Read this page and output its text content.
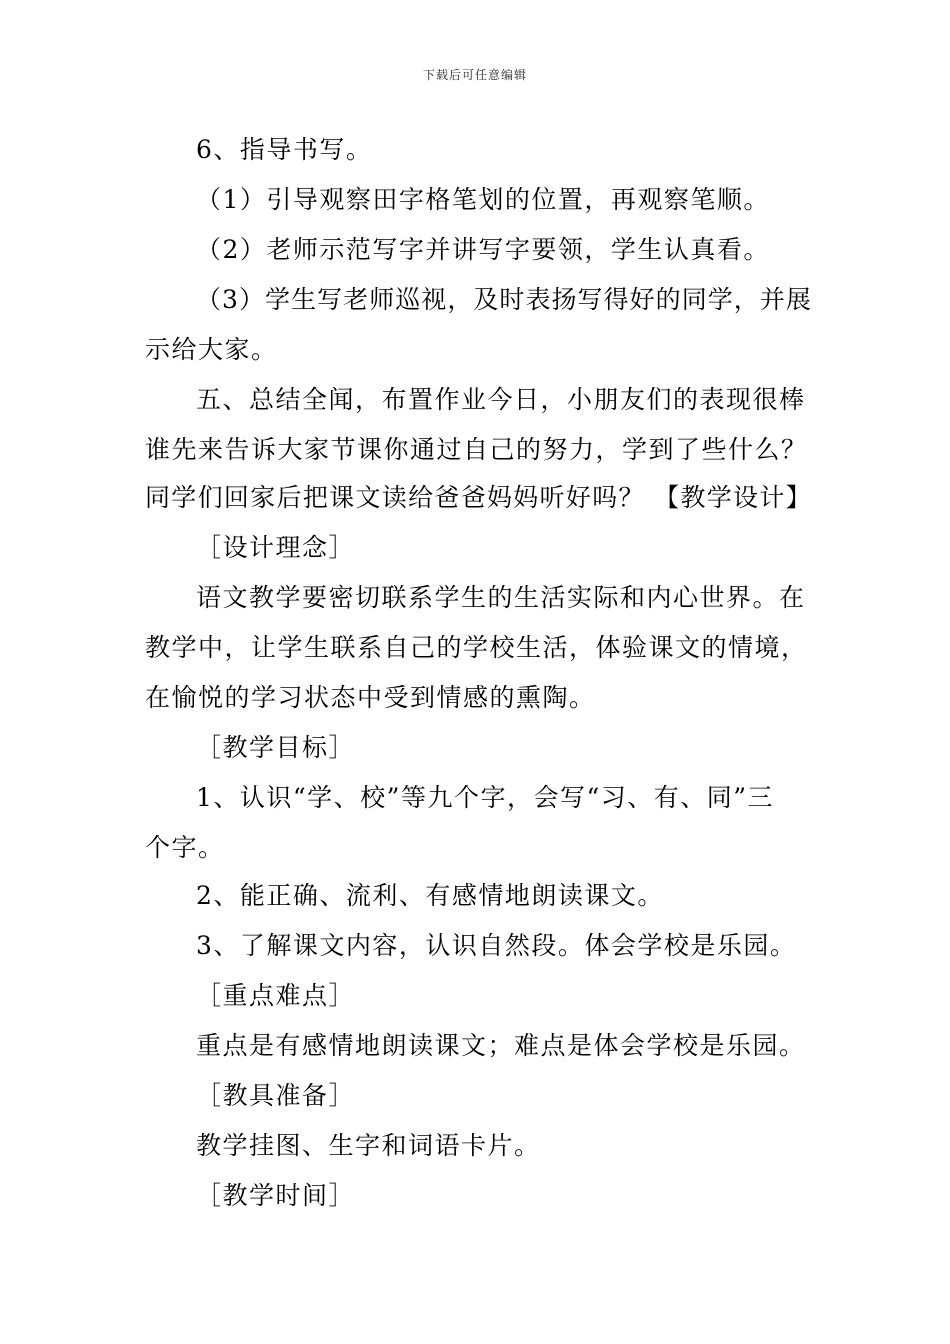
下载后可任意编辑
6、指导书写。
（1）引导观察田字格笔划的位置，再观察笔顺。
（2）老师示范写字并讲写字要领，学生认真看。
（3）学生写老师巡视，及时表扬写得好的同学，并展
示给大家。
五、总结全闻，布置作业今日，小朋友们的表现很棒
谁先来告诉大家节课你通过自己的努力，学到了些什么？
同学们回家后把课文读给爸爸妈妈听好吗？ 【教学设计】
［设计理念］
语文教学要密切联系学生的生活实际和内心世界。在
教学中，让学生联系自己的学校生活，体验课文的情境，
在愉悦的学习状态中受到情感的熏陶。
［教学目标］
1、认识“学、校”等九个字，会写“习、有、同”三
个字。
2、能正确、流利、有感情地朗读课文。
3、了解课文内容，认识自然段。体会学校是乐园。
［重点难点］
重点是有感情地朗读课文；难点是体会学校是乐园。
［教具准备］
教学挂图、生字和词语卡片。
［教学时间］
